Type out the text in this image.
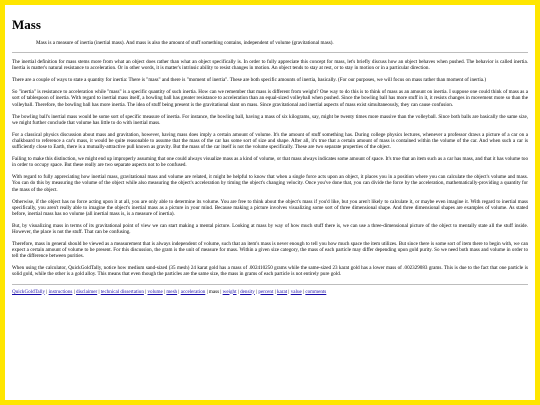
Mass

Mass is a measure of inertia (inertial mass). And mass is also the amount of stuff something contains, independent of volume (gravitational mass).

The inertial definition for mass stems more from what an object does rather than what an object specifically is. In order to fully appreciate this concept for mass, let's briefly discuss how an object behaves when pushed. The behavior is called inertia. Inertia is matter's natural resistance to acceleration. Or in other words, it is matter's intrinsic ability to resist changes in motion. An object tends to stay at rest, or to stay in motion or in a particular direction.

There are a couple of ways to state a quantity for inertia: There is "mass" and there is "moment of inertia". These are both specific amounts of inertia, basically. (For our purposes, we will focus on mass rather than moment of inertia.)

So "inertia" is resistance to acceleration while "mass" is a specific quantity of such inertia. How can we remember that mass is different from weight? One way to do this is to think of mass as an amount on inertia. I suppose one could think of mass as a sort of tablespoon of inertia. With regard to inertial mass itself, a bowling ball has greater resistance to acceleration than an equal-sized volleyball when pushed. Since the bowling ball has more stuff in it, it resists changes in movement more so than the volleyball. Therefore, the bowling ball has more inertia. The idea of stuff being present is the gravitational slant on mass. Since gravitational and inertial aspects of mass exist simultaneously, they can cause confusion.

The bowling ball's inertial mass would be some sort of specific measure of inertia. For instance, the bowling ball, having a mass of six kilograms, say, might be twenty times more massive than the volleyball. Since both balls are basically the same size, we might further conclude that volume has little to do with inertial mass.

For a classical physics discussion about mass and gravitation, however, having mass does imply a certain amount of volume. It's the amount of stuff something has. During college physics lectures, whenever a professor draws a picture of a car on a chalkboard to reference a car's mass, it would be quite reasonable to assume that the mass of the car has some sort of size and shape. After all, it's true that a certain amount of mass is contained within the volume of the car. And when such a car is sufficiently close to Earth, there is a mutually-attractive pull known as gravity. But the mass of the car itself is not the volume specifically. These are two separate properties of the object.

Failing to make this distinction, we might end up improperly assuming that one could always visualize mass as a kind of volume, or that mass always indicates some amount of space. It's true that an item such as a car has mass, and that it has volume too in order to occupy space. But these really are two separate aspects not to be confused.

With regard to fully appreciating how inertial mass, gravitational mass and volume are related, it might be helpful to know that when a single force acts upon an object, it places you in a position where you can calculate the object's volume and mass. You can do this by measuring the volume of the object while also measuring the object's acceleration by timing the object's changing velocity. Once you've done that, you can divide the force by the acceleration, mathematically-providing a quantity for the mass of the object.

Otherwise, if the object has no force acting upon it at all, you are only able to determine its volume. You are free to think about the object's mass if you'd like, but you aren't likely to calculate it, or maybe even imagine it. With regard to inertial mass specifically, you aren't really able to imagine the object's inertial mass as a picture in your mind. Because making a picture involves visualizing some sort of three dimensional shape. And three dimensional shapes are examples of volume. As stated before, inertial mass has no volume (all inertial mass is, is a measure of inertia).

But, by visualizing mass in terms of its gravitational point of view we can start making a mental picture. Looking at mass by way of how much stuff there is, we can use a three-dimensional picture of the object to mentally state all the stuff inside. However, the place is not the stuff. That can be confusing.

Therefore, mass in general should be viewed as a measurement that is always independent of volume, such that an item's mass is never enough to tell you how much space the item utilizes. But since there is some sort of item there to begin with, we can expect a certain amount of volume to be present. For this discussion, the gram is the unit of measure for mass. Within a given size category, the mass of each particle may differ depending upon gold purity. So we need both mass and volume in order to tell the difference between purities.

When using the calculator, QuickGoldTally, notice how medium sand-sized (35 mesh) 24 karat gold has a mass of .002410250 grams while the same-sized 23 karat gold has a lower mass of .002329083 grams. This is due to the fact that one particle is solid gold, while the other is a gold alloy. This means that even though the particles are the same size, the mass in grams of each particle is not entirely pure gold.

QuickGoldTally | instructions | disclaimer | technical dissertation | volume | mesh | acceleration | mass | weight | density | percent | karat | value | comments
